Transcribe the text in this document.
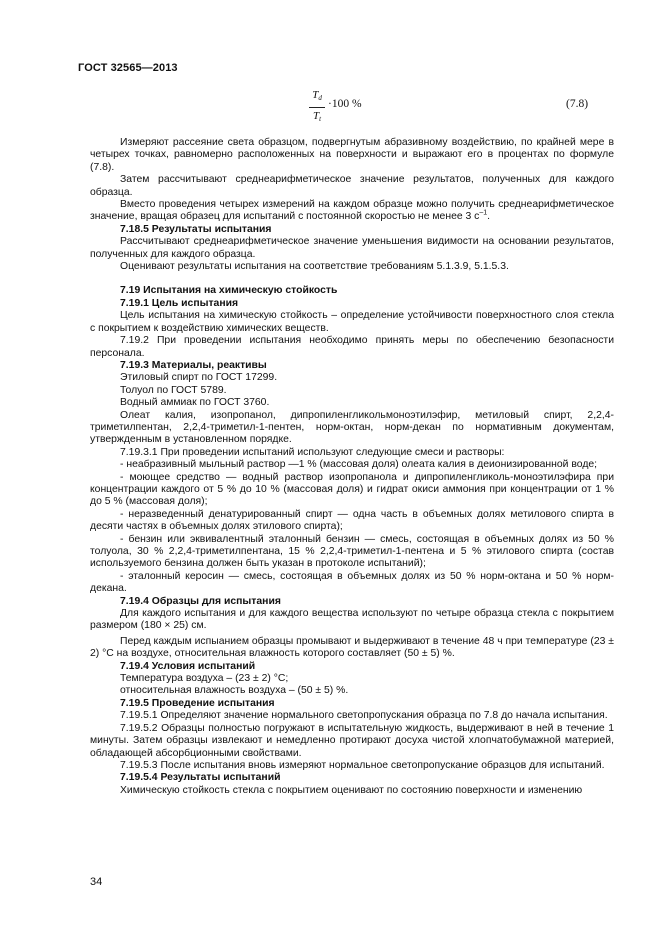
ГОСТ 32565—2013
$T_d$
$T_t$
·100 %	(7.8)

Измеряют рассеяние света образцом, подвергнутым абразивному воздействию, по крайней мере в четырех точках, равномерно расположенных на поверхности и выражают его в процентах по формуле (7.8).

Затем рассчитывают среднеарифметическое значение результатов, полученных для каждого образца.

Вместо проведения четырех измерений на каждом образце можно получить среднеарифметическое значение, вращая образец для испытаний с постоянной скоростью не менее 3 $с^{-1}$.

7.18.5 Результаты испытания

Рассчитывают среднеарифметическое значение уменьшения видимости на основании результатов, полученных для каждого образца.

Оценивают результаты испытания на соответствие требованиям 5.1.3.9, 5.1.5.3.

7.19 Испытания на химическую стойкость

7.19.1 Цель испытания

Цель испытания на химическую стойкость – определение устойчивости поверхностного слоя стекла с покрытием к воздействию химических веществ.

7.19.2 При проведении испытания необходимо принять меры по обеспечению безопасности персонала.

7.19.3 Материалы, реактивы

Этиловый спирт по ГОСТ 17299.

Толуол по ГОСТ 5789.

Водный аммиак по ГОСТ 3760.

Олеат калия, изопропанол, дипропиленгликольмоноэтилэфир, метиловый спирт, 2,2,4-триметилпентан, 2,2,4-триметил-1-пентен, норм-октан, норм-декан по нормативным документам, утвержденным в установленном порядке.

7.19.3.1 При проведении испытаний используют следующие смеси и растворы:

- неабразивный мыльный раствор —1 % (массовая доля) олеата калия в деионизированной воде;

- моющее средство — водный раствор изопропанола и дипропиленгликоль-моноэтилэфира при концентрации каждого от 5 % до 10 % (массовая доля) и гидрат окиси аммония при концентрации от 1 % до 5 % (массовая доля);

- неразведенный денатурированный спирт — одна часть в объемных долях метилового спирта в десяти частях в объемных долях этилового спирта);

- бензин или эквивалентный эталонный бензин — смесь, состоящая в объемных долях из 50 % толуола, 30 % 2,2,4-триметилпентана, 15 % 2,2,4-триметил-1-пентена и 5 % этилового спирта (состав используемого бензина должен быть указан в протоколе испытаний);

- эталонный керосин — смесь, состоящая в объемных долях из 50 % норм-октана и 50 % норм-декана.

7.19.4 Образцы для испытания

Для каждого испытания и для каждого вещества используют по четыре образца стекла с покрытием размером (180 × 25) см.

Перед каждым испыанием образцы промывают и выдерживают в течение 48 ч при температуре (23 ± 2) °С на воздухе, относительная влажность которого составляет (50 ± 5) %.

7.19.4 Условия испытаний

Температура воздуха – (23 ± 2) °С;

относительная влажность воздуха – (50 ± 5) %.

7.19.5 Проведение испытания

7.19.5.1 Определяют значение нормального светопропускания образца по 7.8 до начала испытания.

7.19.5.2 Образцы полностью погружают в испытательную жидкость, выдерживают в ней в течение 1 минуты. Затем образцы извлекают и немедленно протирают досуха чистой хлопчатобумажной материей, обладающей абсорбционными свойствами.

7.19.5.3 После испытания вновь измеряют нормальное светопропускание образцов для испытаний.

7.19.5.4 Результаты испытаний

Химическую стойкость стекла с покрытием оценивают по состоянию поверхности и изменению

34
